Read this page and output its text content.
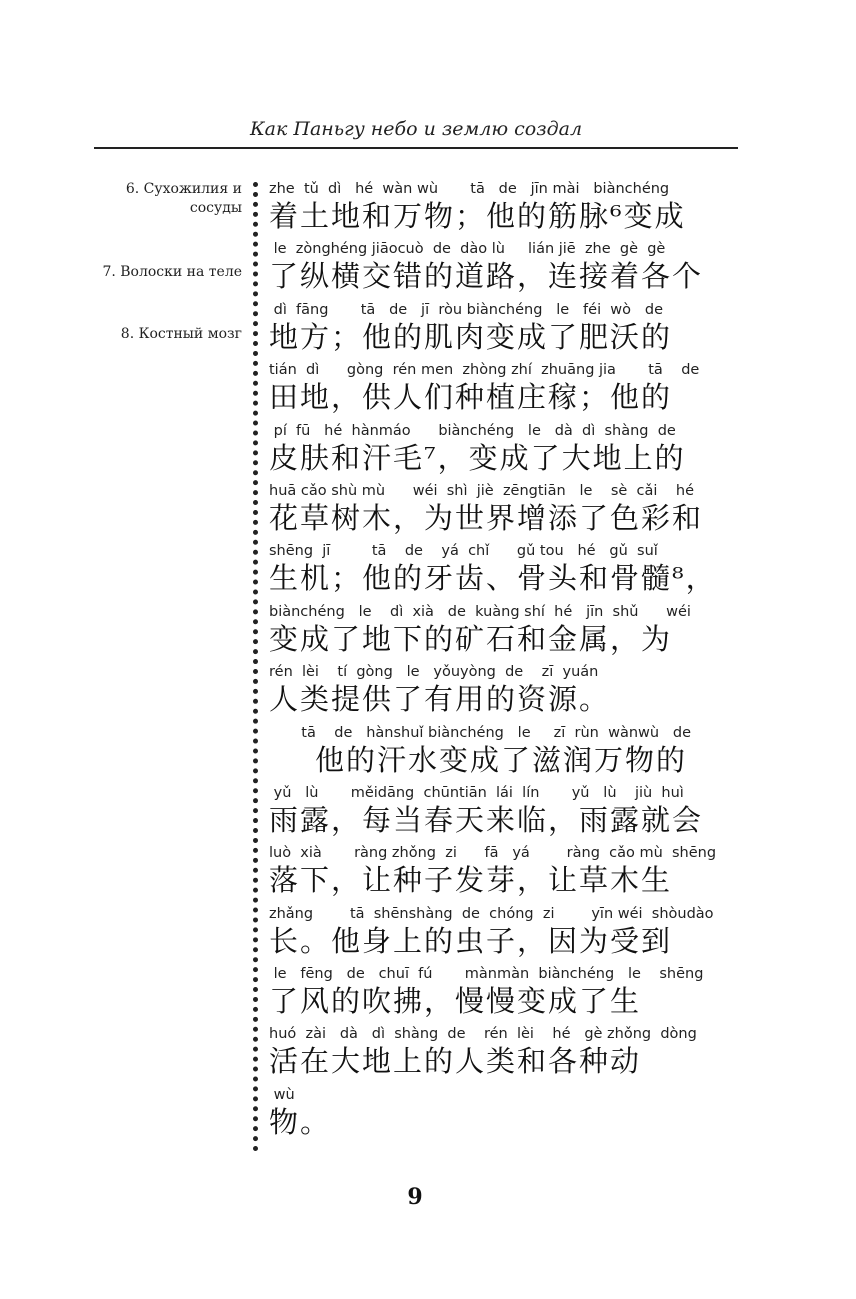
Как Паньгу небо и землю создал

6. Сухожилия и сосуды

7. Волоски на теле

8. Костный мозг

zhe  tǔ  dì   hé  wàn wù       tā   de   jīn mài   biànchéng
着土地和万物；他的筋脉⁶变成
le  zònghéng jiāocuò  de  dào lù     lián jiē  zhe  gè  gè
了纵横交错的道路，连接着各个
dì  fāng       tā   de   jī  ròu biànchéng   le   féi  wò   de
地方；他的肌肉变成了肥沃的
tián  dì      gòng  rén men  zhòng zhí  zhuāng jia       tā    de
田地，供人们种植庄稼；他的
pí  fū   hé  hànmáo      biànchéng   le   dà  dì  shàng  de
皮肤和汗毛⁷，变成了大地上的
huā cǎo shù mù      wéi  shì  jiè  zēngtiān   le    sè  cǎi    hé
花草树木，为世界增添了色彩和
shēng  jī         tā    de    yá  chǐ      gǔ tou   hé   gǔ  suǐ
生机；他的牙齿、骨头和骨髓⁸，
biànchéng   le    dì  xià   de  kuàng shí  hé   jīn  shǔ      wéi
变成了地下的矿石和金属，为
rén  lèi    tí  gòng   le   yǒuyòng  de    zī  yuán
人类提供了有用的资源。
tā    de   hànshuǐ biànchéng   le     zī  rùn  wànwù   de
他的汗水变成了滋润万物的
yǔ   lù       měidāng  chūntiān  lái  lín       yǔ   lù    jiù  huì
雨露，每当春天来临，雨露就会
luò  xià       ràng zhǒng  zi      fā   yá        ràng  cǎo mù  shēng
落下，让种子发芽，让草木生
zhǎng        tā  shēnshàng  de  chóng  zi        yīn wéi  shòudào
长。他身上的虫子，因为受到
le   fēng   de   chuī  fú       mànmàn  biànchéng   le    shēng
了风的吹拂，慢慢变成了生
huó  zài   dà   dì  shàng  de    rén  lèi    hé   gè zhǒng  dòng
活在大地上的人类和各种动
wù
物。
9
